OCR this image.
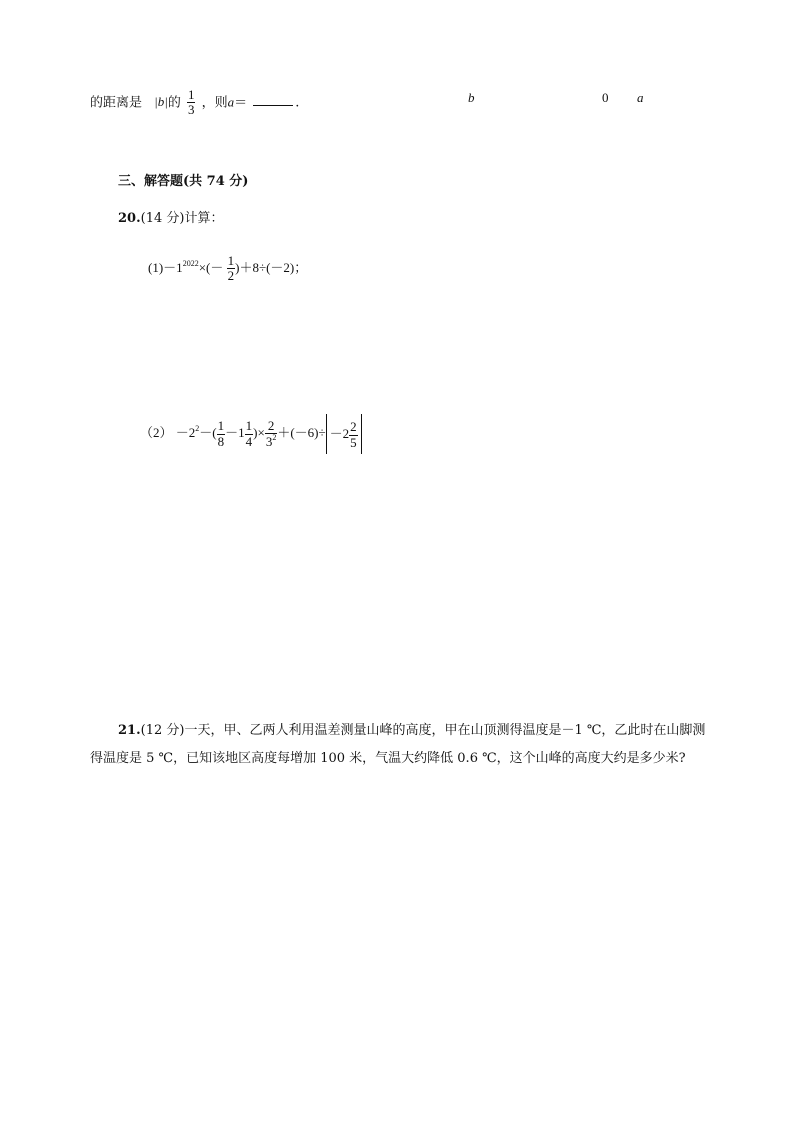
的距离是 |b|的 $\frac{1}{3}$ ，则a＝	.	b	0 a
三、解答题(共 74 分)
20.(14 分)计算：
$(1)-1^{2022}\times(- \frac{1}{2} )+8\div(-2)$；
$(2) -2^2-( \frac{1}{8} -1 \frac{1}{4}$ )× $\frac{2}{3^2} +(-6)\div -2 \frac{2}{5}$
21.(12 分)一天，甲、乙两人利用温差测量山峰的高度，甲在山顶测得温度是－1 ℃，乙此时在山脚测得温度是 5 ℃，已知该地区高度每增加 100 米，气温大约降低 0.6 ℃，这个山峰的高度大约是多少米?
